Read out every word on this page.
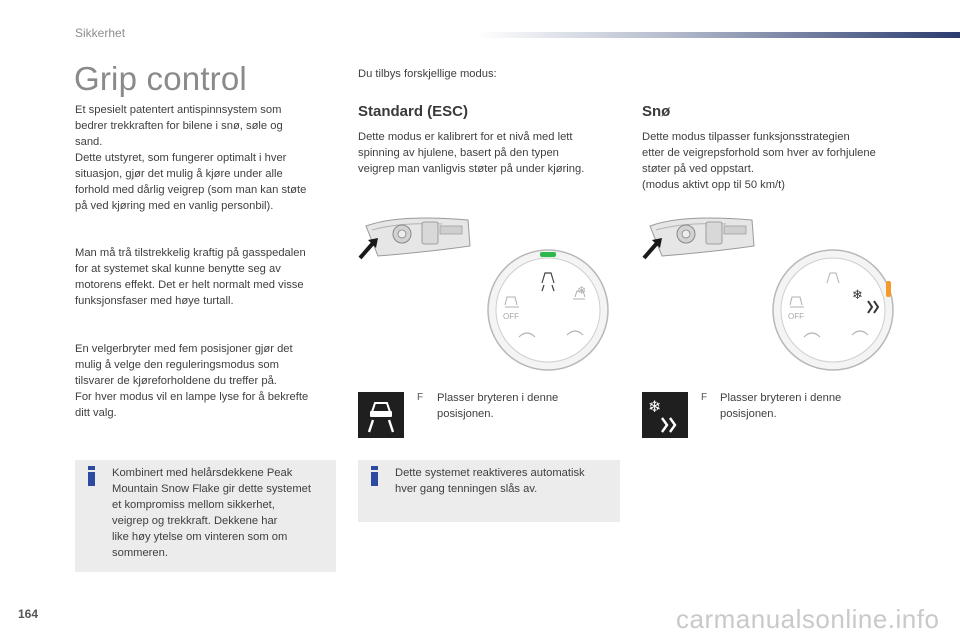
Sikkerhet
Grip control
Et spesielt patentert antispinnsystem som
bedrer trekkraften for bilene i snø, søle og
sand.
Dette utstyret, som fungerer optimalt i hver
situasjon, gjør det mulig å kjøre under alle
forhold med dårlig veigrep (som man kan støte
på ved kjøring med en vanlig personbil).
Man må trå tilstrekkelig kraftig på gasspedalen
for at systemet skal kunne benytte seg av
motorens effekt. Det er helt normalt med visse
funksjonsfaser med høye turtall.
En velgerbryter med fem posisjoner gjør det
mulig å velge den reguleringsmodus som
tilsvarer de kjøreforholdene du treffer på.
For hver modus vil en lampe lyse for å bekrefte
ditt valg.
Kombinert med helårsdekkene Peak
Mountain Snow Flake gir dette systemet
et kompromiss mellom sikkerhet,
veigrep og trekkraft. Dekkene har
like høy ytelse om vinteren som om
sommeren.
Du tilbys forskjellige modus:
Standard (ESC)
Dette modus er kalibrert for et nivå med lett
spinning av hjulene, basert på den typen
veigrep man vanligvis støter på under kjøring.
❄
OFF
F Plasser bryteren i denne
posisjonen.
Dette systemet reaktiveres automatisk
hver gang tenningen slås av.
Snø
Dette modus tilpasser funksjonsstrategien
etter de veigrepsforhold som hver av forhjulene
støter på ved oppstart.
(modus aktivt opp til 50 km/t)
❄
OFF
❄	F Plasser bryteren i denne
posisjonen.
164	carmanualsonline.info
